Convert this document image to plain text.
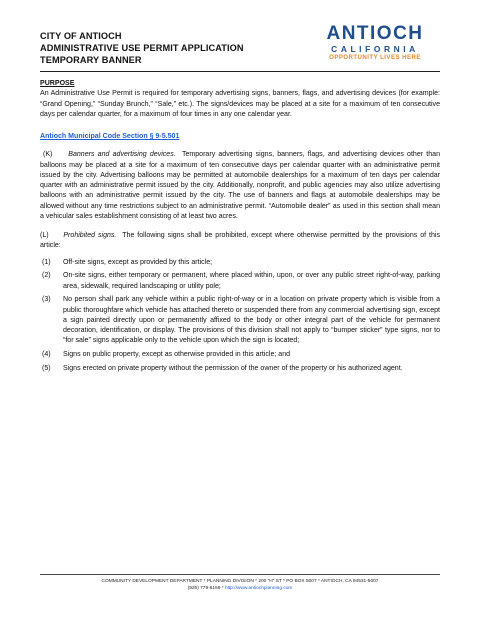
CITY OF ANTIOCH
ADMINISTRATIVE USE PERMIT APPLICATION
TEMPORARY BANNER
ANTIOCH
CALIFORNIA
OPPORTUNITY LIVES HERE
PURPOSE

An Administrative Use Permit is required for temporary advertising signs, banners, flags, and advertising devices (for example: “Grand Opening,” “Sunday Brunch,” “Sale,” etc.). The signs/devices may be placed at a site for a maximum of ten consecutive days per calendar quarter, for a maximum of four times in any one calendar year.

Antioch Municipal Code Section § 9-5.501

(K) Banners and advertising devices. Temporary advertising signs, banners, flags, and advertising devices other than balloons may be placed at a site for a maximum of ten consecutive days per calendar quarter with an administrative permit issued by the city. Advertising balloons may be permitted at automobile dealerships for a maximum of ten days per calendar quarter with an administrative permit issued by the city. Additionally, nonprofit, and public agencies may also utilize advertising balloons with an administrative permit issued by the city. The use of banners and flags at automobile dealerships may be allowed without any time restrictions subject to an administrative permit. “Automobile dealer” as used in this section shall mean a vehicular sales establishment consisting of at least two acres.

(L) Prohibited signs. The following signs shall be prohibited, except where otherwise permitted by the provisions of this article:

(1)	Off-site signs, except as provided by this article;
(2)	On-site signs, either temporary or permanent, where placed within, upon, or over any public street right-of-way, parking area, sidewalk, required landscaping or utility pole;
(3)	No person shall park any vehicle within a public right-of-way or in a location on private property which is visible from a public thoroughfare which vehicle has attached thereto or suspended there from any commercial advertising sign, except a sign painted directly upon or permanently affixed to the body or other integral part of the vehicle for permanent decoration, identification, or display. The provisions of this division shall not apply to “bumper sticker” type signs, nor to “for sale” signs applicable only to the vehicle upon which the sign is located;
(4)	Signs on public property, except as otherwise provided in this article; and
(5)	Signs erected on private property without the permission of the owner of the property or his authorized agent.
COMMUNITY DEVELOPMENT DEPARTMENT * PLANNING DIVISION * 200 “H” ST * PO BOX 5007 * ANTIOCH, CA 94531-5007
(925) 779-6159 * http://www.antiochplanning.com
